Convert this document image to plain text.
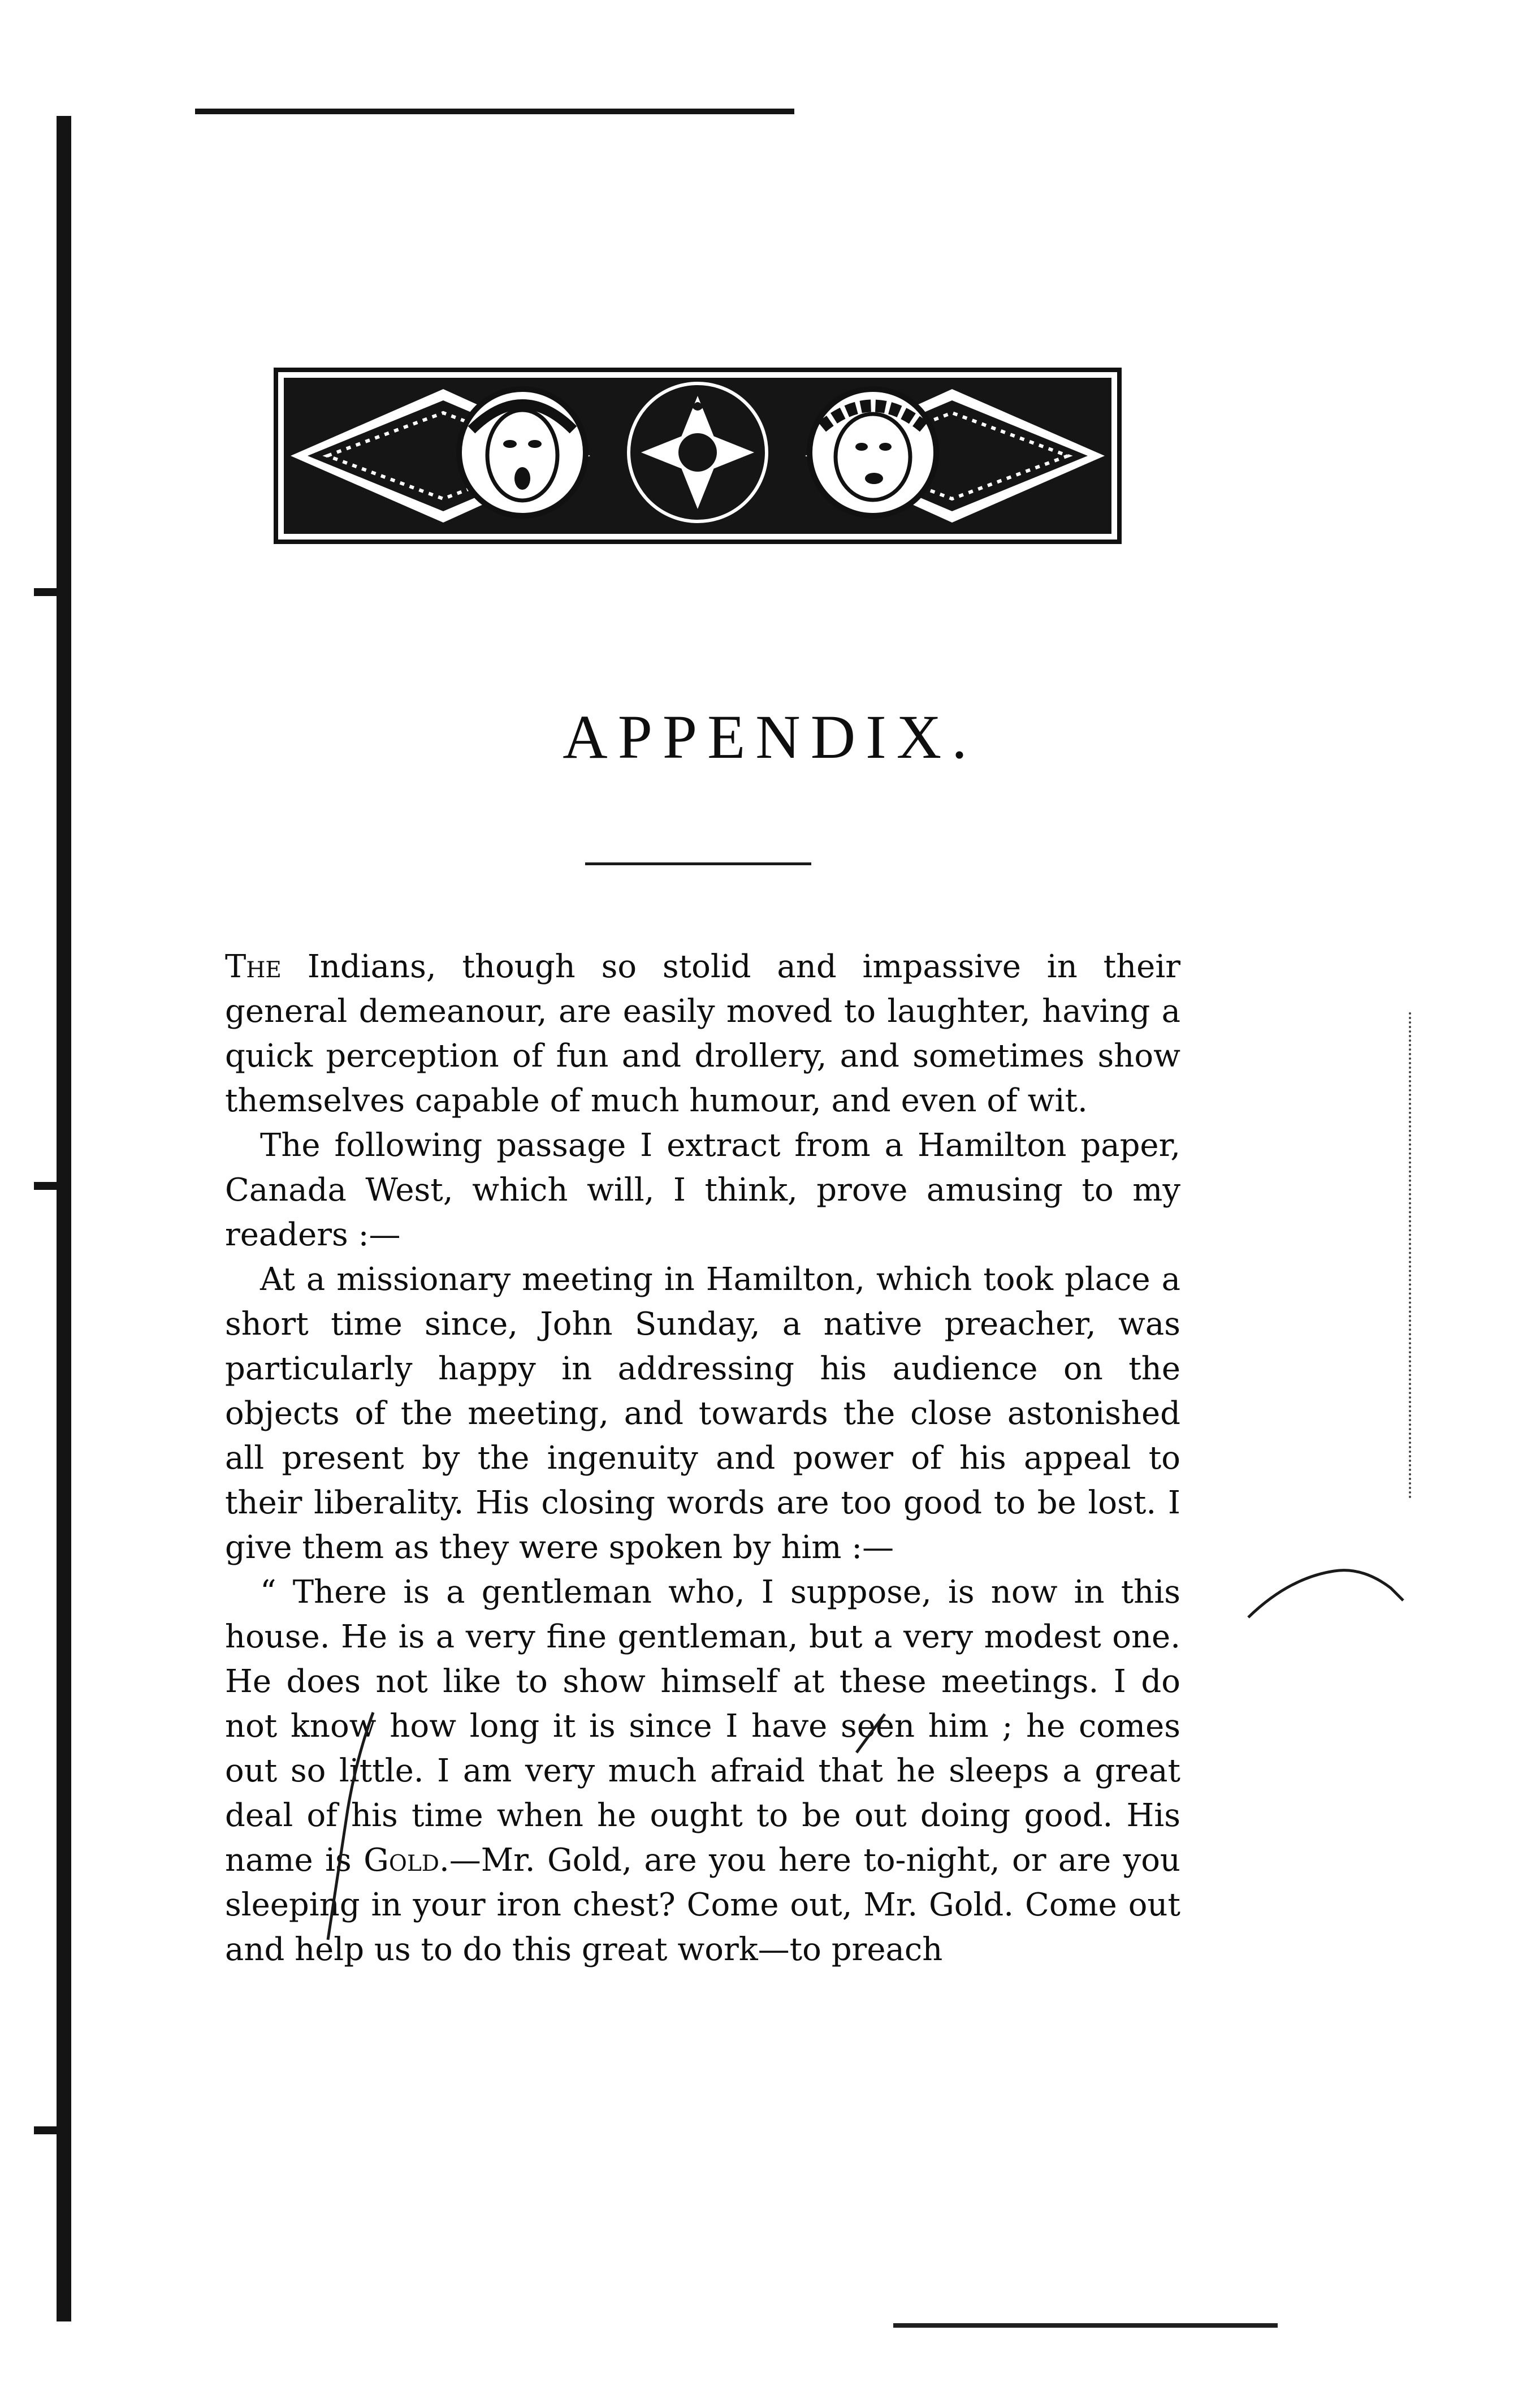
APPENDIX.

The Indians, though so stolid and impassive in their general demeanour, are easily moved to laughter, having a quick perception of fun and drollery, and sometimes show themselves capable of much humour, and even of wit.

The following passage I extract from a Hamilton paper, Canada West, which will, I think, prove amusing to my readers :—

At a missionary meeting in Hamilton, which took place a short time since, John Sunday, a native preacher, was particularly happy in addressing his audience on the objects of the meeting, and towards the close astonished all present by the ingenuity and power of his appeal to their liberality. His closing words are too good to be lost. I give them as they were spoken by him :—

“ There is a gentleman who, I suppose, is now in this house. He is a very fine gentleman, but a very modest one. He does not like to show himself at these meetings. I do not know how long it is since I have seen him ; he comes out so little. I am very much afraid that he sleeps a great deal of his time when he ought to be out doing good. His name is Gold.—Mr. Gold, are you here to-night, or are you sleeping in your iron chest? Come out, Mr. Gold. Come out and help us to do this great work—to preach
